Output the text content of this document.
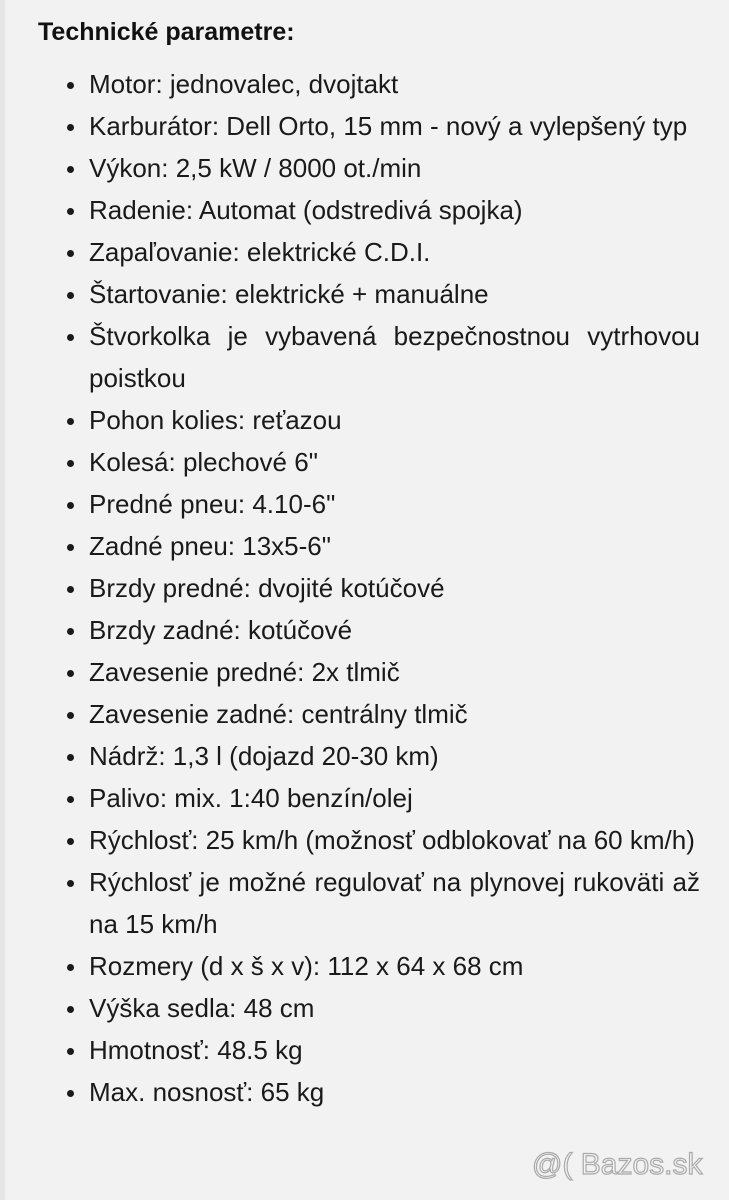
Technické parametre:
Motor: jednovalec, dvojtakt
Karburátor: Dell Orto, 15 mm - nový a vylepšený typ
Výkon: 2,5 kW / 8000 ot./min
Radenie: Automat (odstredivá spojka)
Zapaľovanie: elektrické C.D.I.
Štartovanie: elektrické + manuálne
Štvorkolka je vybavená bezpečnostnou vytrhovou poistkou
Pohon kolies: reťazou
Kolesá: plechové 6"
Predné pneu: 4.10-6"
Zadné pneu: 13x5-6"
Brzdy predné: dvojité kotúčové
Brzdy zadné: kotúčové
Zavesenie predné: 2x tlmič
Zavesenie zadné: centrálny tlmič
Nádrž: 1,3 l (dojazd 20-30 km)
Palivo: mix. 1:40 benzín/olej
Rýchlosť: 25 km/h (možnosť odblokovať na 60 km/h)
Rýchlosť je možné regulovať na plynovej rukoväti až na 15 km/h
Rozmery (d x š x v): 112 x 64 x 68 cm
Výška sedla: 48 cm
Hmotnosť: 48.5 kg
Max. nosnosť: 65 kg
@( Bazos.sk
